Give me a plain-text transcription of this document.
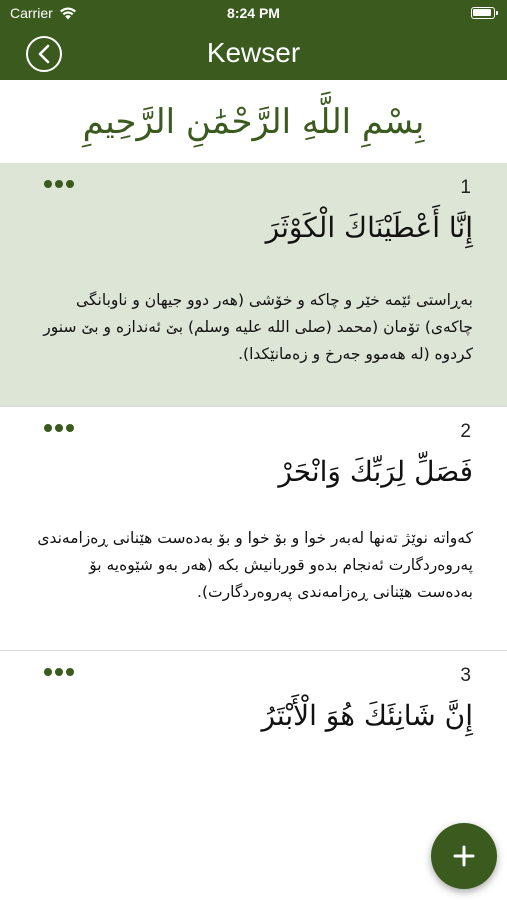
Carrier	8:24 PM
Kewser
بِسْمِ اللَّهِ الرَّحْمَٰنِ الرَّحِيمِ
1
إِنَّا أَعْطَيْنَاكَ الْكَوْثَرَ
بەڕاستی ئێمە خێر و چاکە و خۆشی (هەر دوو جیهان و ناوبانگی چاکەی) تۆمان (محمد (صلی الله علیه وسلم) بێ ئەندازە و بێ سنور کردوە (لە هەموو جەرخ و زەمانێکدا).
2
فَصَلِّ لِرَبِّكَ وَانْحَرْ
کەواتە نوێژ تەنها لەبەر خوا و بۆ خوا و بۆ بەدەست هێنانی ڕەزامەندی پەروەردگارت ئەنجام بدەو قوربانیش بکە (هەر بەو شێوەیە بۆ بەدەست هێنانی ڕەزامەندی پەروەردگارت).
3
إِنَّ شَانِئَكَ هُوَ الْأَبْتَرُ
